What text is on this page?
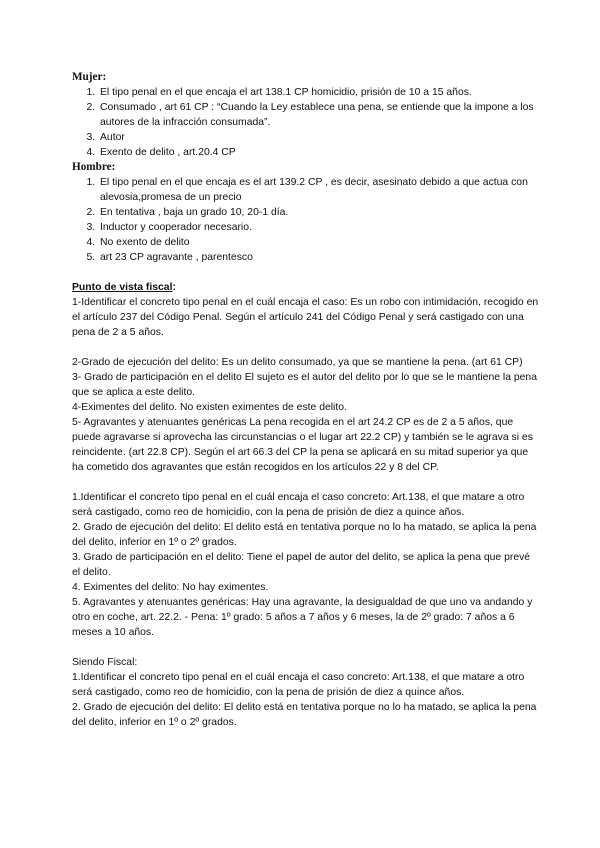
Mujer:

1. El tipo penal en el que encaja el art 138.1 CP homicidio, prisión de 10 a 15 años.
2. Consumado , art 61 CP : “Cuando la Ley establece una pena, se entiende que la impone a los autores de la infracción consumada”.
3. Autor
4. Exento de delito , art.20.4 CP

Hombre:

1. El tipo penal en el que encaja es el art 139.2 CP , es decir, asesinato debido a que actua con alevosia,promesa de un precio
2. En tentativa , baja un grado 10, 20-1 día.
3. Inductor y cooperador necesario.
4. No exento de delito
5. art 23 CP agravante , parentesco

Punto de vista fiscal:

1-Identificar el concreto tipo penal en el cuál encaja el caso: Es un robo con intimidación, recogido en el artículo 237 del Código Penal. Según el artículo 241 del Código Penal y será castigado con una pena de 2 a 5 años.

2-Grado de ejecución del delito: Es un delito consumado, ya que se mantiene la pena. (art 61 CP)

3- Grado de participación en el delito El sujeto es el autor del delito por lo que se le mantiene la pena que se aplica a este delito.

4-Eximentes del delito. No existen eximentes de este delito.

5- Agravantes y atenuantes genéricas La pena recogida en el art 24.2 CP es de 2 a 5 años, que puede agravarse si aprovecha las circunstancias o el lugar art 22.2 CP) y también se le agrava si es reincidente. (art 22.8 CP). Según el art 66.3 del CP la pena se aplicará en su mitad superior ya que ha cometido dos agravantes que están recogidos en los artículos 22 y 8 del CP.

1.Identificar el concreto tipo penal en el cuál encaja el caso concreto: Art.138, el que matare a otro será castigado, como reo de homicidio, con la pena de prisión de diez a quince años.

2. Grado de ejecución del delito: El delito está en tentativa porque no lo ha matado, se aplica la pena del delito, inferior en 1º o 2º grados.

3. Grado de participación en el delito: Tiene el papel de autor del delito, se aplica la pena que prevé el delito.

4. Eximentes del delito: No hay eximentes.

5. Agravantes y atenuantes genéricas: Hay una agravante, la desigualdad de que uno va andando y otro en coche, art. 22.2. - Pena: 1º grado: 5 años a 7 años y 6 meses, la de 2º grado: 7 años a 6 meses a 10 años.

Siendo Fiscal:

1.Identificar el concreto tipo penal en el cuál encaja el caso concreto: Art.138, el que matare a otro será castigado, como reo de homicidio, con la pena de prisión de diez a quince años.

2. Grado de ejecución del delito: El delito está en tentativa porque no lo ha matado, se aplica la pena del delito, inferior en 1º o 2º grados.
